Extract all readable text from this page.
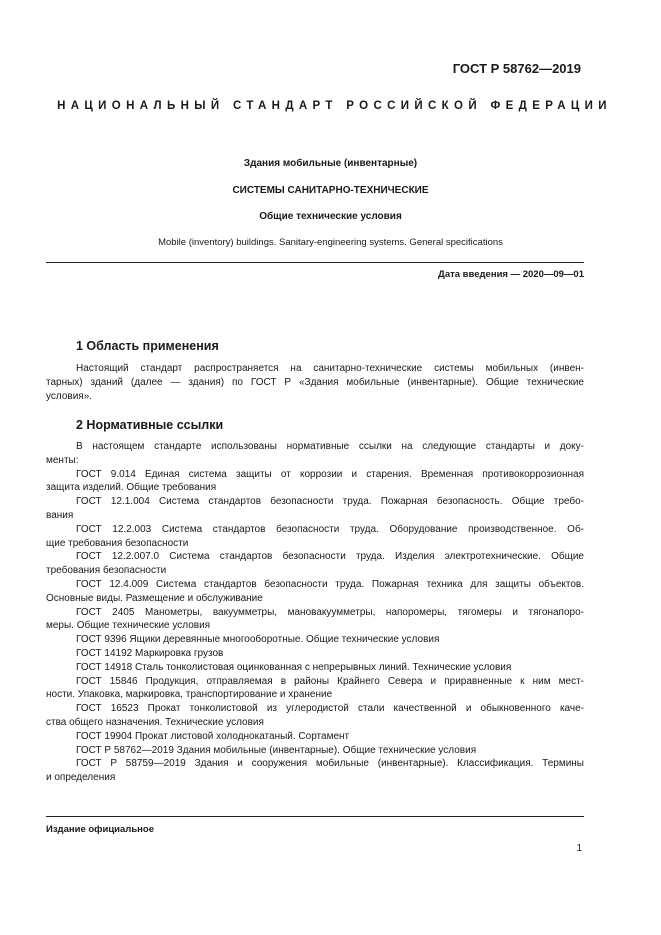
ГОСТ Р 58762—2019
НАЦИОНАЛЬНЫЙ СТАНДАРТ РОССИЙСКОЙ ФЕДЕРАЦИИ
Здания мобильные (инвентарные)
СИСТЕМЫ САНИТАРНО-ТЕХНИЧЕСКИЕ
Общие технические условия
Mobile (inventory) buildings. Sanitary-engineering systems. General specifications
Дата введения — 2020—09—01
1 Область применения

Настоящий стандарт распространяется на санитарно-технические системы мобильных (инвен-

тарных) зданий (далее — здания) по ГОСТ Р «Здания мобильные (инвентарные). Общие технические

условия».

2 Нормативные ссылки

В настоящем стандарте использованы нормативные ссылки на следующие стандарты и доку-

менты:

ГОСТ 9.014 Единая система защиты от коррозии и старения. Временная противокоррозионная

защита изделий. Общие требования

ГОСТ 12.1.004 Система стандартов безопасности труда. Пожарная безопасность. Общие требо-

вания

ГОСТ 12.2.003 Система стандартов безопасности труда. Оборудование производственное. Об-

щие требования безопасности

ГОСТ 12.2.007.0 Система стандартов безопасности труда. Изделия электротехнические. Общие

требования безопасности

ГОСТ 12.4.009 Система стандартов безопасности труда. Пожарная техника для защиты объектов.

Основные виды. Размещение и обслуживание

ГОСТ 2405 Манометры, вакуумметры, мановакуумметры, напоромеры, тягомеры и тягонапоро-

меры. Общие технические условия

ГОСТ 9396 Ящики деревянные многооборотные. Общие технические условия

ГОСТ 14192 Маркировка грузов

ГОСТ 14918 Сталь тонколистовая оцинкованная с непрерывных линий. Технические условия

ГОСТ 15846 Продукция, отправляемая в районы Крайнего Севера и приравненные к ним мест-

ности. Упаковка, маркировка, транспортирование и хранение

ГОСТ 16523 Прокат тонколистовой из углеродистой стали качественной и обыкновенного каче-

ства общего назначения. Технические условия

ГОСТ 19904 Прокат листовой холоднокатаный. Сортамент

ГОСТ Р 58762—2019 Здания мобильные (инвентарные). Общие технические условия

ГОСТ Р 58759—2019 Здания и сооружения мобильные (инвентарные). Классификация. Термины

и определения

Издание официальное
1
